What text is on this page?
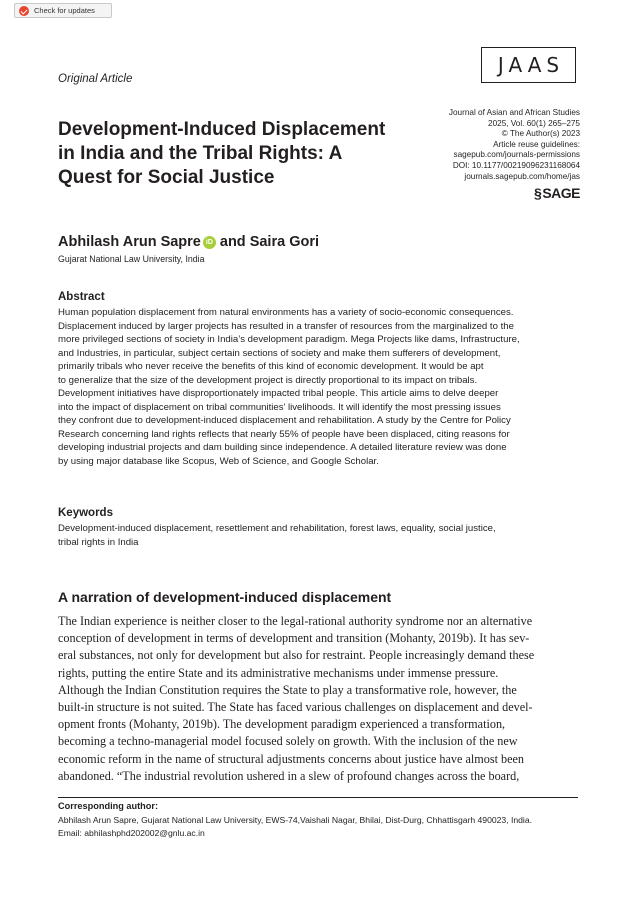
Check for updates
Original Article
JAAS
Journal of Asian and African Studies
2025, Vol. 60(1) 265–275
© The Author(s) 2023
Article reuse guidelines:
sagepub.com/journals-permissions
DOI: 10.1177/00219096231168064
journals.sagepub.com/home/jas
§ SAGE
Development-Induced Displacement
in India and the Tribal Rights: A
Quest for Social Justice
Abhilash Arun Sapre iD and Saira Gori
Gujarat National Law University, India
Abstract
Human population displacement from natural environments has a variety of socio-economic consequences.
Displacement induced by larger projects has resulted in a transfer of resources from the marginalized to the
more privileged sections of society in India’s development paradigm. Mega Projects like dams, Infrastructure,
and Industries, in particular, subject certain sections of society and make them sufferers of development,
primarily tribals who never receive the benefits of this kind of economic development. It would be apt
to generalize that the size of the development project is directly proportional to its impact on tribals.
Development initiatives have disproportionately impacted tribal people. This article aims to delve deeper
into the impact of displacement on tribal communities’ livelihoods. It will identify the most pressing issues
they confront due to development-induced displacement and rehabilitation. A study by the Centre for Policy
Research concerning land rights reflects that nearly 55% of people have been displaced, citing reasons for
developing industrial projects and dam building since independence. A detailed literature review was done
by using major database like Scopus, Web of Science, and Google Scholar.
Keywords
Development-induced displacement, resettlement and rehabilitation, forest laws, equality, social justice,
tribal rights in India
A narration of development-induced displacement
The Indian experience is neither closer to the legal-rational authority syndrome nor an alternative
conception of development in terms of development and transition (Mohanty, 2019b). It has sev-
eral substances, not only for development but also for restraint. People increasingly demand these
rights, putting the entire State and its administrative mechanisms under immense pressure.
Although the Indian Constitution requires the State to play a transformative role, however, the
built-in structure is not suited. The State has faced various challenges on displacement and devel-
opment fronts (Mohanty, 2019b). The development paradigm experienced a transformation,
becoming a techno-managerial model focused solely on growth. With the inclusion of the new
economic reform in the name of structural adjustments concerns about justice have almost been
abandoned. “The industrial revolution ushered in a slew of profound changes across the board,
Corresponding author:
Abhilash Arun Sapre, Gujarat National Law University, EWS-74,Vaishali Nagar, Bhilai, Dist-Durg, Chhattisgarh 490023, India.
Email: abhilashphd202002@gnlu.ac.in
